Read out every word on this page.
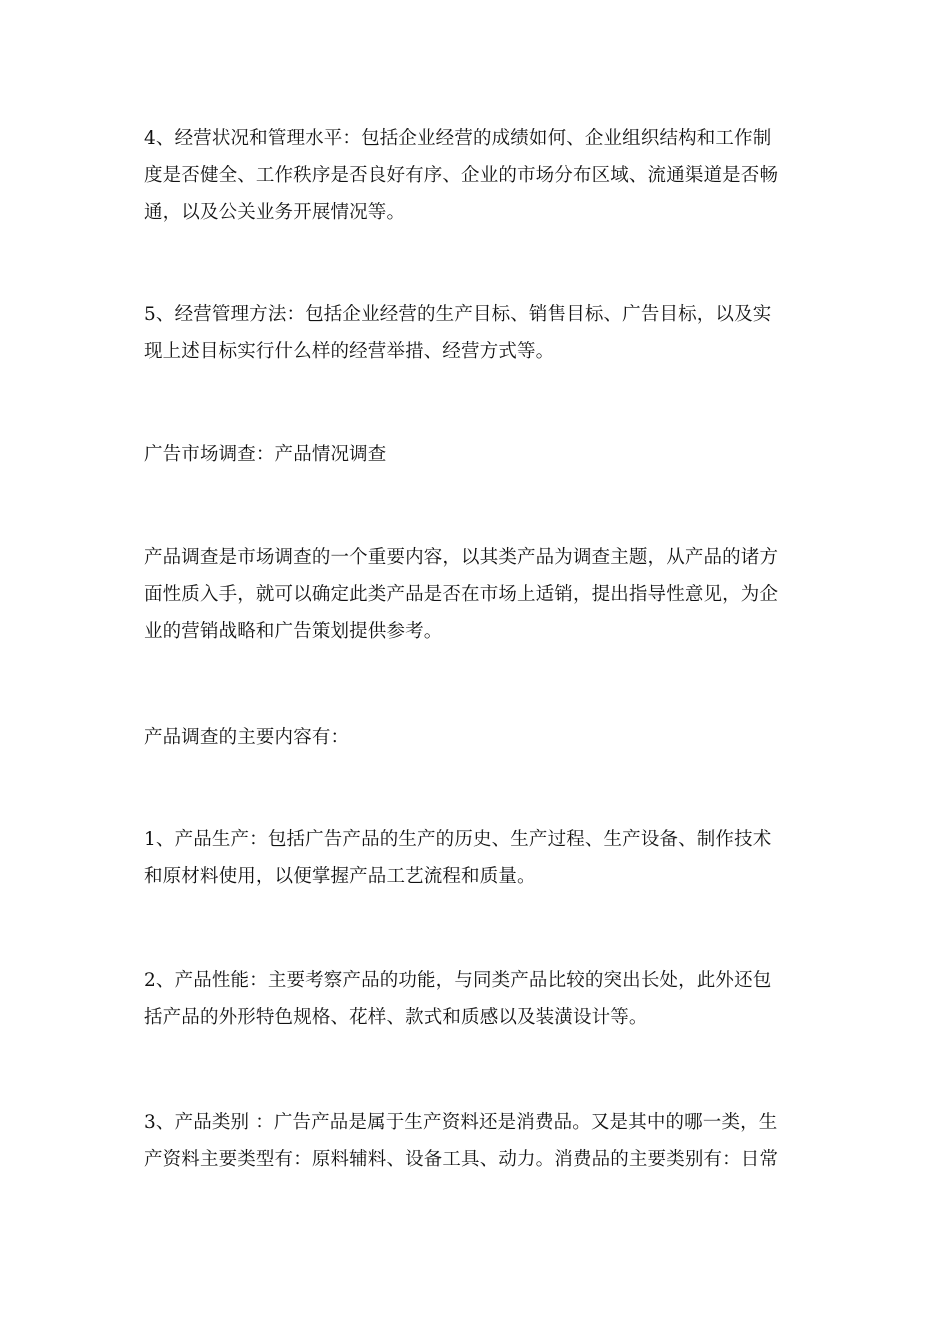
4、经营状况和管理水平：包括企业经营的成绩如何、企业组织结构和工作制
度是否健全、工作秩序是否良好有序、企业的市场分布区域、流通渠道是否畅
通，以及公关业务开展情况等。

5、经营管理方法：包括企业经营的生产目标、销售目标、广告目标，以及实
现上述目标实行什么样的经营举措、经营方式等。

广告市场调查：产品情况调查

产品调查是市场调查的一个重要内容，以其类产品为调查主题，从产品的诸方
面性质入手，就可以确定此类产品是否在市场上适销，提出指导性意见，为企
业的营销战略和广告策划提供参考。

产品调查的主要内容有：

1、产品生产：包括广告产品的生产的历史、生产过程、生产设备、制作技术
和原材料使用，以便掌握产品工艺流程和质量。

2、产品性能：主要考察产品的功能，与同类产品比较的突出长处，此外还包
括产品的外形特色规格、花样、款式和质感以及装潢设计等。

3、产品类别 ：广告产品是属于生产资料还是消费品。又是其中的哪一类，生
产资料主要类型有：原料辅料、设备工具、动力。消费品的主要类别有：日常
